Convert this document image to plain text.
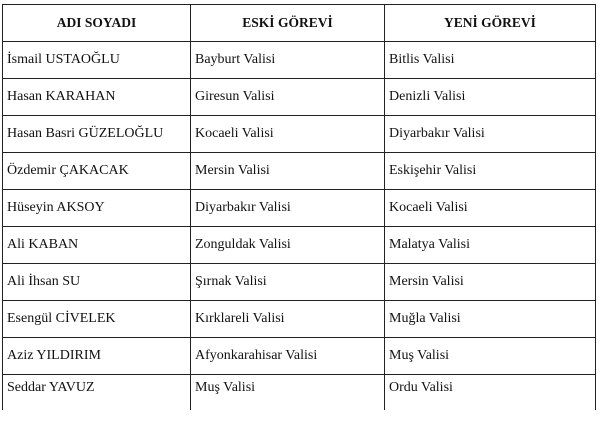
ADI SOYADI	ESKİ GÖREVİ	YENİ GÖREVİ
İsmail USTAOĞLU	Bayburt Valisi	Bitlis Valisi
Hasan KARAHAN	Giresun Valisi	Denizli Valisi
Hasan Basri GÜZELOĞLU	Kocaeli Valisi	Diyarbakır Valisi
Özdemir ÇAKACAK	Mersin Valisi	Eskişehir Valisi
Hüseyin AKSOY	Diyarbakır Valisi	Kocaeli Valisi
Ali KABAN	Zonguldak Valisi	Malatya Valisi
Ali İhsan SU	Şırnak Valisi	Mersin Valisi
Esengül CİVELEK	Kırklareli Valisi	Muğla Valisi
Aziz YILDIRIM	Afyonkarahisar Valisi	Muş Valisi
Seddar YAVUZ	Muş Valisi	Ordu Valisi
